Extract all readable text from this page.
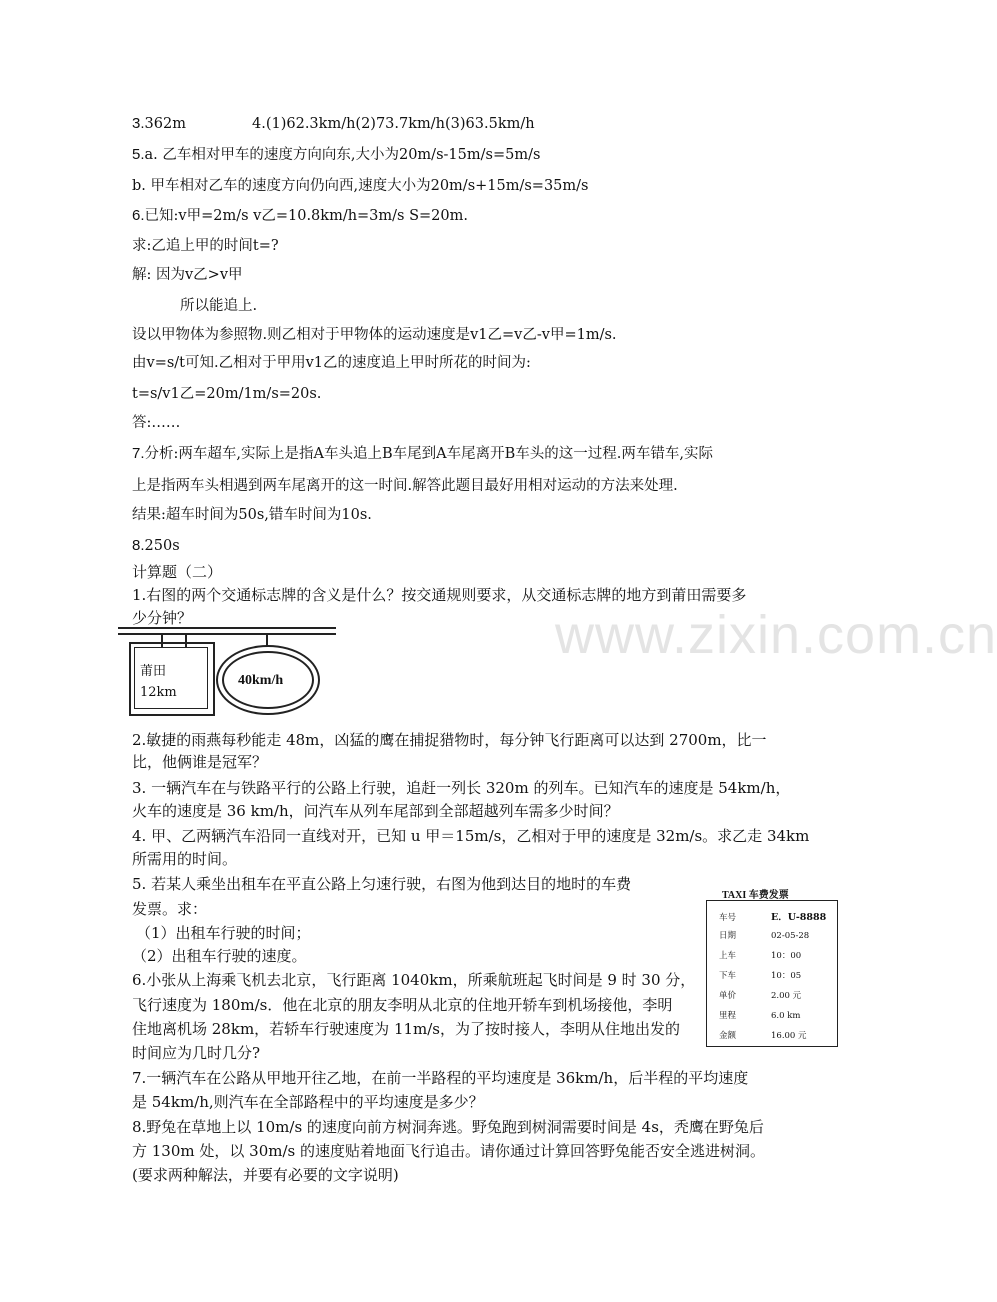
www.zixin.com.cn
3.362m	4.(1)62.3km/h(2)73.7km/h(3)63.5km/h
5.a. 乙车相对甲车的速度方向向东,大小为20m/s-15m/s=5m/s
b. 甲车相对乙车的速度方向仍向西,速度大小为20m/s+15m/s=35m/s
6.已知:v甲=2m/s v乙=10.8km/h=3m/s S=20m.
求:乙追上甲的时间t=?
解: 因为v乙>v甲
所以能追上.
设以甲物体为参照物.则乙相对于甲物体的运动速度是v1乙=v乙-v甲=1m/s.
由v=s/t可知.乙相对于甲用v1乙的速度追上甲时所花的时间为:
t=s/v1乙=20m/1m/s=20s.
答:……
7.分析:两车超车,实际上是指A车头追上B车尾到A车尾离开B车头的这一过程.两车错车,实际
上是指两车头相遇到两车尾离开的这一时间.解答此题目最好用相对运动的方法来处理.
结果:超车时间为50s,错车时间为10s.
8.250s
计算题（二）
1.右图的两个交通标志牌的含义是什么？按交通规则要求，从交通标志牌的地方到莆田需要多
少分钟？
莆田
12km
40km/h
2.敏捷的雨燕每秒能走 48m，凶猛的鹰在捕捉猎物时，每分钟飞行距离可以达到 2700m，比一
比，他俩谁是冠军？
3. 一辆汽车在与铁路平行的公路上行驶，追赶一列长 320m 的列车。已知汽车的速度是 54km/h，
火车的速度是 36 km/h，问汽车从列车尾部到全部超越列车需多少时间？
4. 甲、乙两辆汽车沿同一直线对开，已知 u 甲＝15m/s，乙相对于甲的速度是 32m/s。求乙走 34km
所需用的时间。
5. 若某人乘坐出租车在平直公路上匀速行驶，右图为他到达目的地时的车费
发票。求：
（1）出租车行驶的时间；
（2）出租车行驶的速度。
TAXI 车费发票
车号	E．U-8888
日期	02-05-28
上车	10：00
下车	10：05
单价	2.00 元
里程	6.0 km
金额	16.00 元
6.小张从上海乘飞机去北京，飞行距离 1040km，所乘航班起飞时间是 9 时 30 分，
飞行速度为 180m/s．他在北京的朋友李明从北京的住地开轿车到机场接他，李明
住地离机场 28km，若轿车行驶速度为 11m/s，为了按时接人，李明从住地出发的
时间应为几时几分?
7.一辆汽车在公路从甲地开往乙地，在前一半路程的平均速度是 36km/h，后半程的平均速度
是 54km/h,则汽车在全部路程中的平均速度是多少？
8.野兔在草地上以 10m/s 的速度向前方树洞奔逃。野兔跑到树洞需要时间是 4s，秃鹰在野兔后
方 130m 处，以 30m/s 的速度贴着地面飞行追击。请你通过计算回答野兔能否安全逃进树洞。
(要求两种解法，并要有必要的文字说明)
